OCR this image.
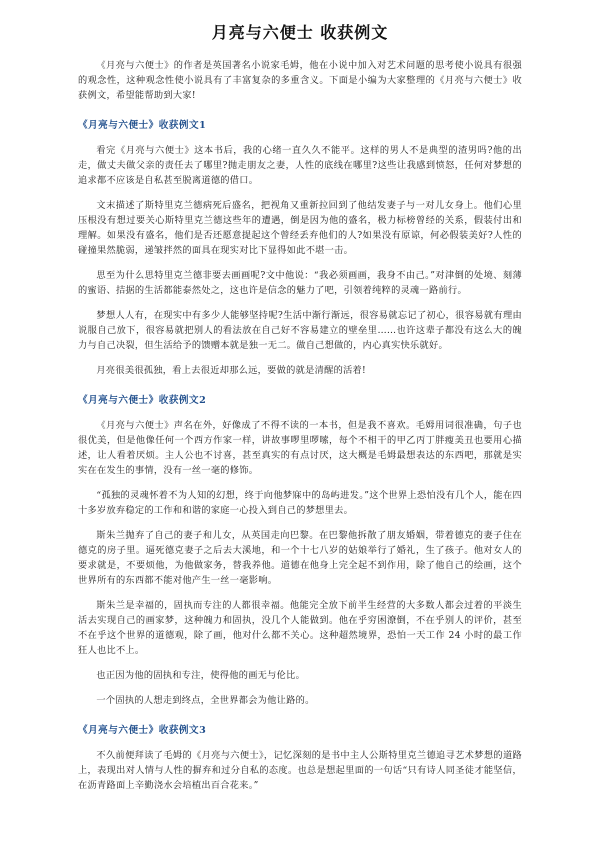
月亮与六便士 收获例文

《月亮与六便士》的作者是英国著名小说家毛姆，他在小说中加入对艺术问题的思考使小说具有很强的观念性，这种观念性使小说具有了丰富复杂的多重含义。下面是小编为大家整理的《月亮与六便士》收获例文，希望能帮助到大家!

《月亮与六便士》收获例文1

看完《月亮与六便士》这本书后，我的心绪一直久久不能平。这样的男人不是典型的渣男吗?他的出走，做丈夫做父亲的责任去了哪里?抛走朋友之妻，人性的底线在哪里?这些让我感到愤怒，任何对梦想的追求都不应该是自私甚至脱离道德的借口。

文末描述了斯特里克兰德病死后盛名，把视角又重新拉回到了他结发妻子与一对儿女身上。他们心里压根没有想过要关心斯特里克兰德这些年的遭遇，倒是因为他的盛名，极力标榜曾经的关系，假装付出和理解。如果没有盛名，他们是否还愿意提起这个曾经丢弃他们的人?如果没有原谅，何必假装美好?人性的碰撞果然脆弱，递皱拌然的面具在现实对比下显得如此不堪一击。

思至为什么思特里克兰德非要去画画呢?文中他说：“我必须画画，我身不由己。”对津倒的处境、刻薄的蜜语、拮据的生活都能泰然处之，这也许是信念的魅力了吧，引领着纯粹的灵魂一路前行。

梦想人人有，在现实中有多少人能够坚持呢?生活中渐行渐远，很容易就忘记了初心，很容易就有理由说服自己放下，很容易就把别人的看法放在自己好不容易建立的壁垒里……也许这辈子都没有这么大的魄力与自己决裂，但生活给予的馈赠本就是独一无二。做自己想做的，内心真实快乐就好。

月亮很美很孤独，看上去很近却那么远，要做的就是清醒的活着!

《月亮与六便士》收获例文2

《月亮与六便士》声名在外，好像成了不得不读的一本书，但是我不喜欢。毛姆用词很准确，句子也很优美，但是他像任何一个西方作家一样，讲故事啰里啰嗦，每个不相干的甲乙丙丁胖瘦美丑也要用心描述，让人看着厌烦。主人公也不讨喜，甚至真实的有点讨厌，这大概是毛姆最想表达的东西吧，那就是实实在在发生的事情，没有一丝一毫的修饰。

“孤独的灵魂怀着不为人知的幻想，终于向他梦寐中的岛屿进发。”这个世界上恐怕没有几个人，能在四十多岁放弃稳定的工作和和谐的家庭一心投入到自己的梦想里去。

斯朱兰抛弃了自己的妻子和儿女，从英国走向巴黎。在巴黎他拆散了朋友婚姻，带着德克的妻子住在德克的房子里。逼死德克妻子之后去大溪地，和一个十七八岁的姑娘举行了婚礼，生了孩子。他对女人的要求就是，不要烦他，为他做家务，替我养他。道德在他身上完全起不到作用，除了他自己的绘画，这个世界所有的东西都不能对他产生一丝一毫影响。

斯朱兰是幸福的，固执而专注的人都很幸福。他能完全放下前半生经营的大多数人都会过着的平淡生活去实现自己的画家梦，这种魄力和固执，没几个人能做到。他在乎穷困潦倒，不在乎别人的评价，甚至不在乎这个世界的道德观，除了画，他对什么都不关心。这种超然境界，恐怕一天工作 24 小时的最工作狂人也比不上。

也正因为他的固执和专注，使得他的画无与伦比。

一个固执的人想走到终点，全世界都会为他让路的。

《月亮与六便士》收获例文3

不久前便拜读了毛姆的《月亮与六便士》，记忆深刻的是书中主人公斯特里克兰德追寻艺术梦想的道路上，表现出对人情与人性的摒弃和过分自私的态度。也总是想起里面的一句话“只有诗人同圣徒才能坚信，在沥青路面上辛勤浇水会培植出百合花来。”
